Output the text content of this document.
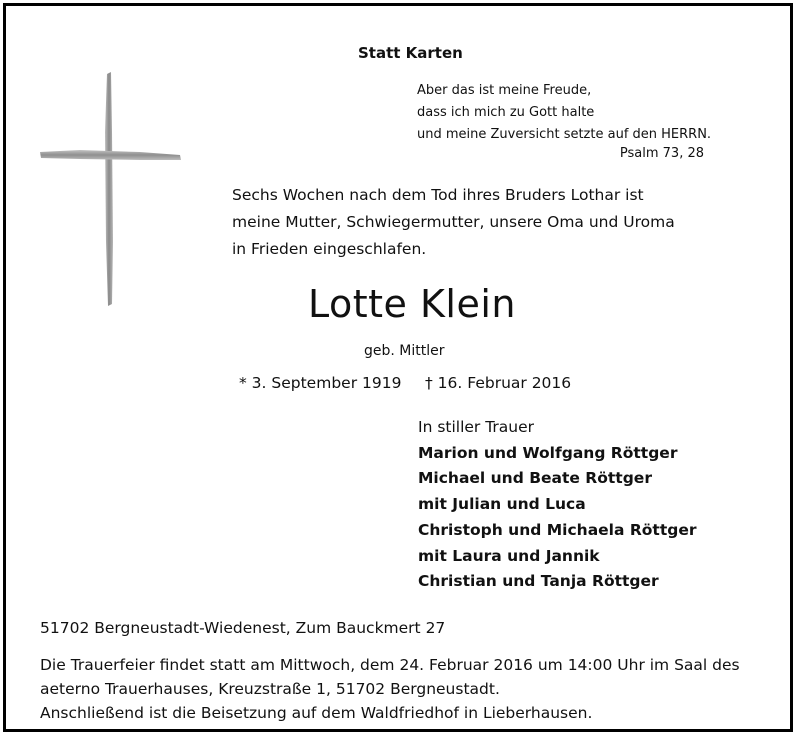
Statt Karten
Aber das ist meine Freude,
dass ich mich zu Gott halte
und meine Zuversicht setzte auf den HERRN.
Psalm 73, 28
Sechs Wochen nach dem Tod ihres Bruders Lothar ist
meine Mutter, Schwiegermutter, unsere Oma und Uroma
in Frieden eingeschlafen.
Lotte Klein
geb. Mittler
* 3. September 1919 † 16. Februar 2016
In stiller Trauer
Marion und Wolfgang Röttger
Michael und Beate Röttger
mit Julian und Luca
Christoph und Michaela Röttger
mit Laura und Jannik
Christian und Tanja Röttger
51702 Bergneustadt-Wiedenest, Zum Bauckmert 27
Die Trauerfeier findet statt am Mittwoch, dem 24. Februar 2016 um 14:00 Uhr im Saal des
aeterno Trauerhauses, Kreuzstraße 1, 51702 Bergneustadt.
Anschließend ist die Beisetzung auf dem Waldfriedhof in Lieberhausen.
